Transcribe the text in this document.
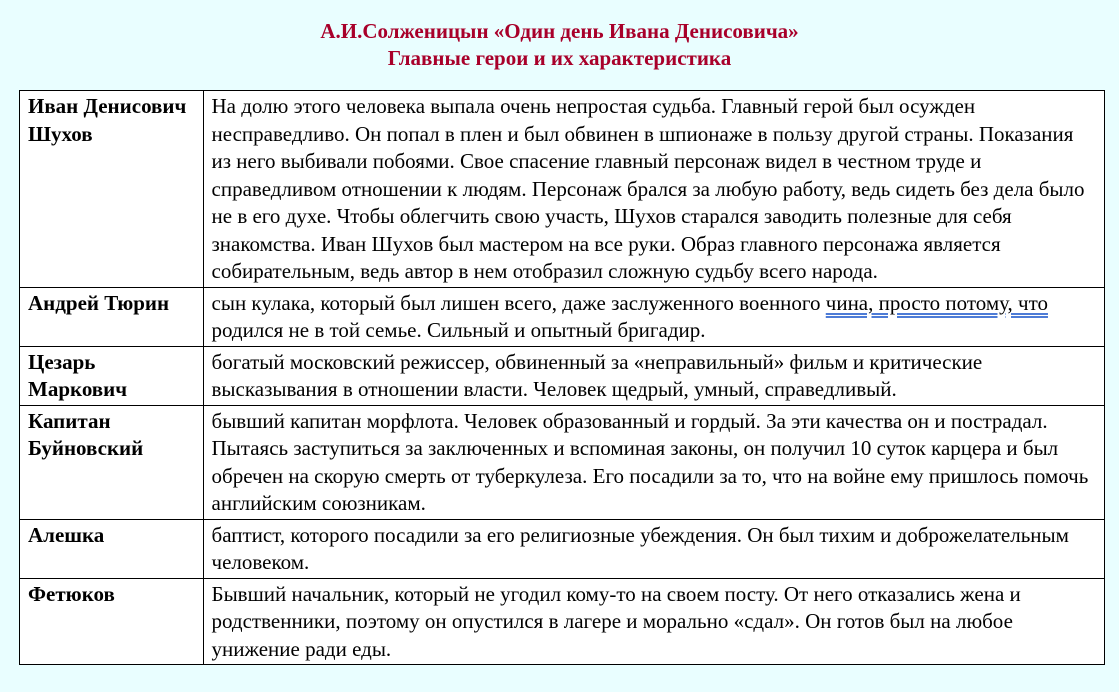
А.И.Солженицын «Один день Ивана Денисовича»
Главные герои и их характеристика
Иван Денисович Шухов	На долю этого человека выпала очень непростая судьба. Главный герой был осужден несправедливо. Он попал в плен и был обвинен в шпионаже в пользу другой страны. Показания из него выбивали побоями. Свое спасение главный персонаж видел в честном труде и справедливом отношении к людям. Персонаж брался за любую работу, ведь сидеть без дела было не в его духе. Чтобы облегчить свою участь, Шухов старался заводить полезные для себя знакомства. Иван Шухов был мастером на все руки. Образ главного персонажа является собирательным, ведь автор в нем отобразил сложную судьбу всего народа.
Андрей Тюрин	сын кулака, который был лишен всего, даже заслуженного военного чина, просто потому, что родился не в той семье. Сильный и опытный бригадир.
Цезарь Маркович	богатый московский режиссер, обвиненный за «неправильный» фильм и критические высказывания в отношении власти. Человек щедрый, умный, справедливый.
Капитан Буйновский	бывший капитан морфлота. Человек образованный и гордый. За эти качества он и пострадал. Пытаясь заступиться за заключенных и вспоминая законы, он получил 10 суток карцера и был обречен на скорую смерть от туберкулеза. Его посадили за то, что на войне ему пришлось помочь английским союзникам.
Алешка	баптист, которого посадили за его религиозные убеждения. Он был тихим и доброжелательным человеком.
Фетюков	Бывший начальник, который не угодил кому-то на своем посту. От него отказались жена и родственники, поэтому он опустился в лагере и морально «сдал». Он готов был на любое унижение ради еды.
